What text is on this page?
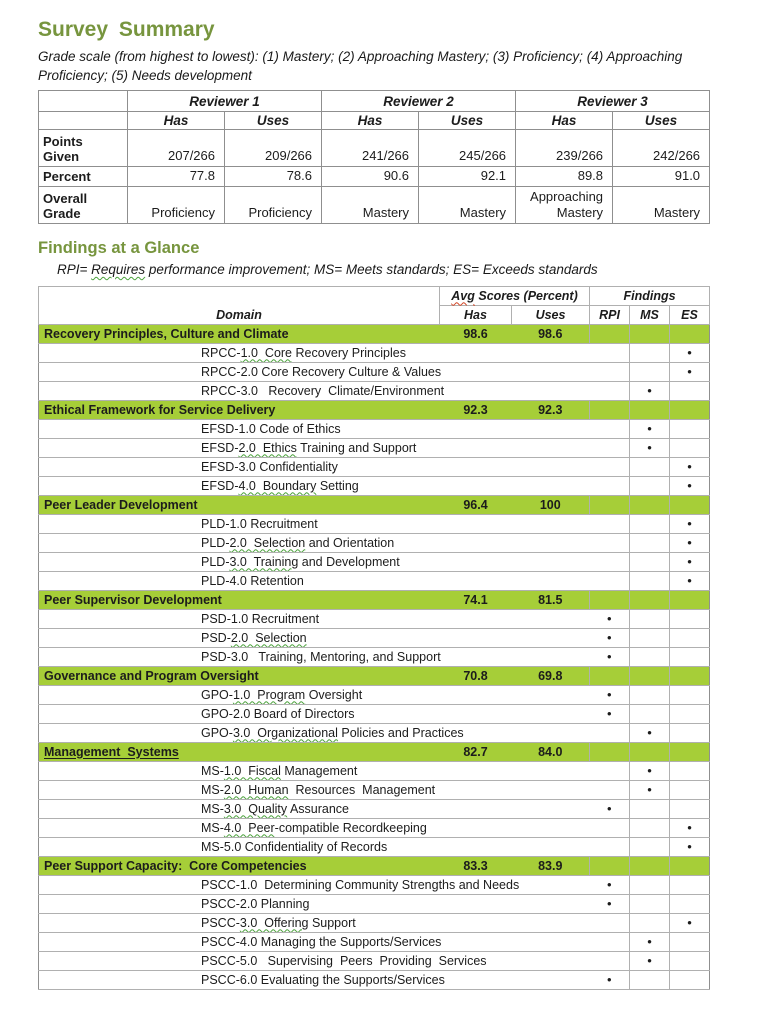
Survey Summary

Grade scale (from highest to lowest): (1) Mastery; (2) Approaching Mastery; (3) Proficiency; (4) Approaching
Proficiency; (5) Needs development

	Reviewer 1		Reviewer 2		Reviewer 3	
	Has	Uses	Has	Uses	Has	Uses
Points
Given	207/266	209/266	241/266	245/266	239/266	242/266
Percent	77.8	78.6	90.6	92.1	89.8	91.0
Overall
Grade	Proficiency	Proficiency	Mastery	Mastery	Approaching Mastery	Mastery
Findings at a Glance

RPI= Requires performance improvement; MS= Meets standards; ES= Exceeds standards

Domain	Avg Scores (Percent)		Findings		
	Has	Uses	RPI	MS	ES
Recovery Principles, Culture and Climate	98.6	98.6			
RPCC-1.0  Core Recovery Principles					•
RPCC-2.0 Core Recovery Culture & Values					•
RPCC-3.0   Recovery  Climate/Environment				•	
Ethical Framework for Service Delivery	92.3	92.3			
EFSD-1.0 Code of Ethics				•	
EFSD-2.0  Ethics Training and Support				•	
EFSD-3.0 Confidentiality					•
EFSD-4.0  Boundary Setting					•
Peer Leader Development	96.4	100			
PLD-1.0 Recruitment					•
PLD-2.0  Selection and Orientation					•
PLD-3.0  Training and Development					•
PLD-4.0 Retention					•
Peer Supervisor Development	74.1	81.5			
PSD-1.0 Recruitment			•		
PSD-2.0  Selection			•		
PSD-3.0   Training, Mentoring, and Support			•		
Governance and Program Oversight	70.8	69.8			
GPO-1.0  Program Oversight			•		
GPO-2.0 Board of Directors			•		
GPO-3.0  Organizational Policies and Practices				•	
Management  Systems	82.7	84.0			
MS-1.0  Fiscal Management				•	
MS-2.0  Human  Resources  Management				•	
MS-3.0  Quality Assurance			•		
MS-4.0  Peer-compatible Recordkeeping					•
MS-5.0 Confidentiality of Records					•
Peer Support Capacity:  Core Competencies	83.3	83.9			
PSCC-1.0  Determining Community Strengths and Needs			•		
PSCC-2.0 Planning			•		
PSCC-3.0  Offering Support					•
PSCC-4.0 Managing the Supports/Services				•	
PSCC-5.0   Supervising  Peers  Providing  Services				•	
PSCC-6.0 Evaluating the Supports/Services			•		
